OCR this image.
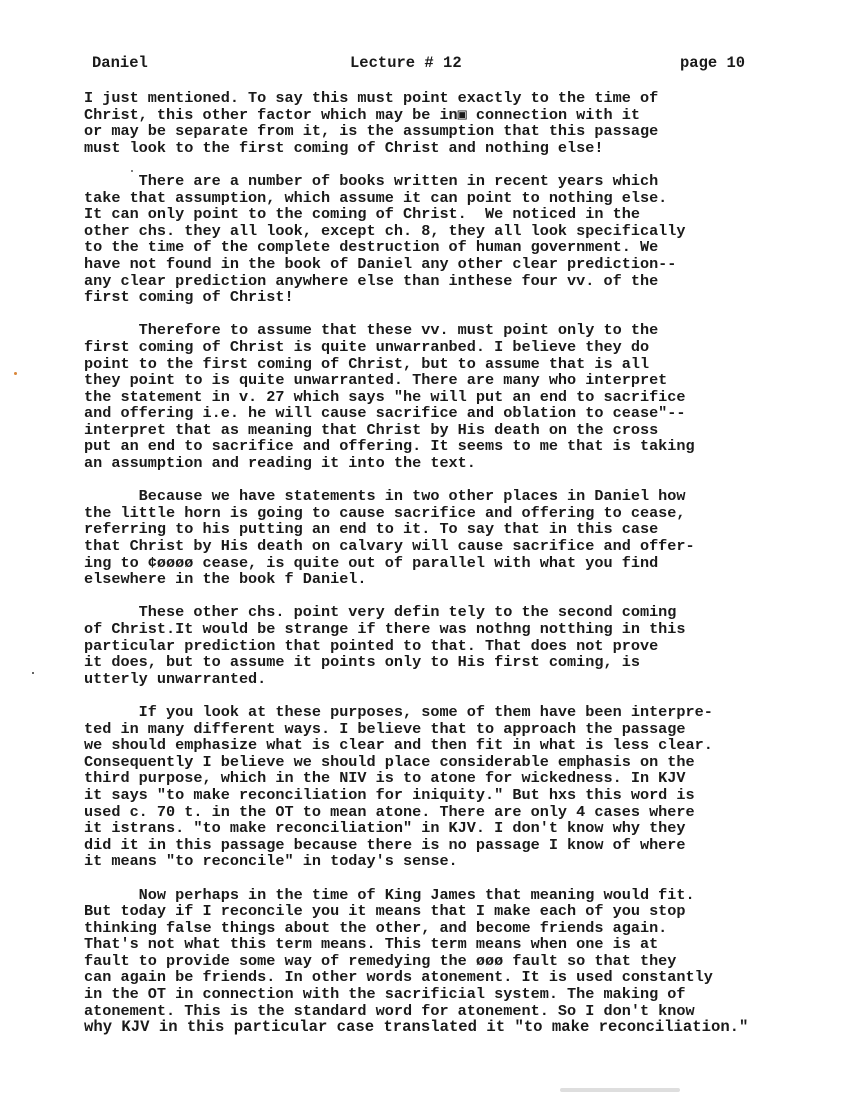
Daniel	Lecture # 12	page 10
I just mentioned. To say this must point exactly to the time of
Christ, this other factor which may be in▣ connection with it
or may be separate from it, is the assumption that this passage
must look to the first coming of Christ and nothing else!
There are a number of books written in recent years which
take that assumption, which assume it can point to nothing else.
It can only point to the coming of Christ.  We noticed in the
other chs. they all look, except ch. 8, they all look specifically
to the time of the complete destruction of human government. We
have not found in the book of Daniel any other clear prediction--
any clear prediction anywhere else than inthese four vv. of the
first coming of Christ!
Therefore to assume that these vv. must point only to the
first coming of Christ is quite unwarranbed. I believe they do
point to the first coming of Christ, but to assume that is all
they point to is quite unwarranted. There are many who interpret
the statement in v. 27 which says "he will put an end to sacrifice
and offering i.e. he will cause sacrifice and oblation to cease"--
interpret that as meaning that Christ by His death on the cross
put an end to sacrifice and offering. It seems to me that is taking
an assumption and reading it into the text.
Because we have statements in two other places in Daniel how
the little horn is going to cause sacrifice and offering to cease,
referring to his putting an end to it. To say that in this case
that Christ by His death on calvary will cause sacrifice and offer-
ing to ¢øøøø cease, is quite out of parallel with what you find
elsewhere in the book f Daniel.
These other chs. point very defin tely to the second coming
of Christ.It would be strange if there was nothng notthing in this
particular prediction that pointed to that. That does not prove
it does, but to assume it points only to His first coming, is
utterly unwarranted.
If you look at these purposes, some of them have been interpre-
ted in many different ways. I believe that to approach the passage
we should emphasize what is clear and then fit in what is less clear.
Consequently I believe we should place considerable emphasis on the
third purpose, which in the NIV is to atone for wickedness. In KJV
it says "to make reconciliation for iniquity." But hxs this word is
used c. 70 t. in the OT to mean atone. There are only 4 cases where
it istrans. "to make reconciliation" in KJV. I don't know why they
did it in this passage because there is no passage I know of where
it means "to reconcile" in today's sense.
Now perhaps in the time of King James that meaning would fit.
But today if I reconcile you it means that I make each of you stop
thinking false things about the other, and become friends again.
That's not what this term means. This term means when one is at
fault to provide some way of remedying the øøø fault so that they
can again be friends. In other words atonement. It is used constantly
in the OT in connection with the sacrificial system. The making of
atonement. This is the standard word for atonement. So I don't know
why KJV in this particular case translated it "to make reconciliation."
